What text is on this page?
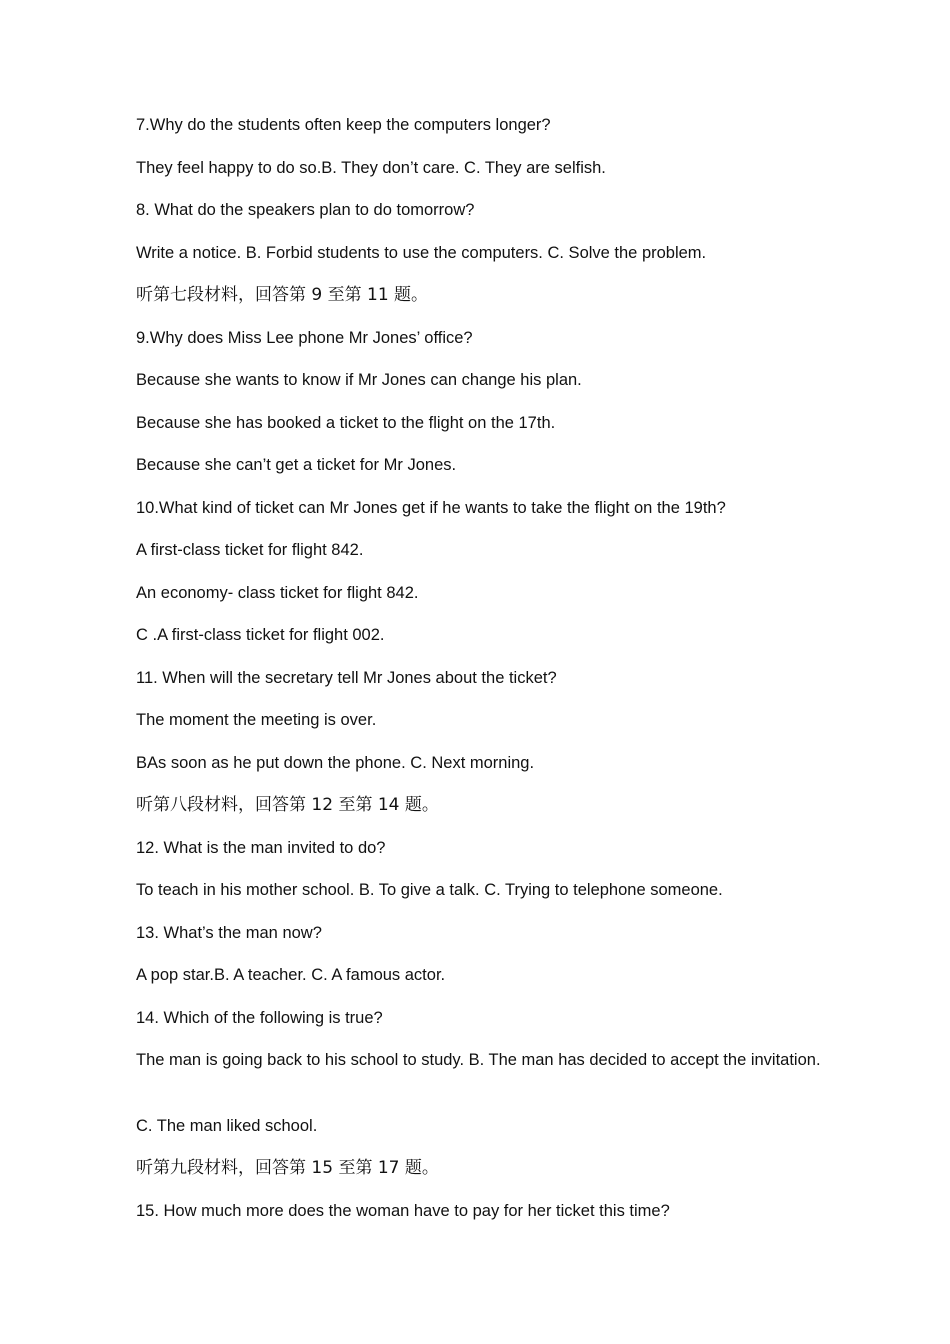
7.Why do the students often keep the computers longer?

They feel happy to do so.B. They don’t care. C. They are selfish.

8. What do the speakers plan to do tomorrow?

Write a notice. B. Forbid students to use the computers. C. Solve the problem.

听第七段材料，回答第 9 至第 11 题。

9.Why does Miss Lee phone Mr Jones’ office?

Because she wants to know if Mr Jones can change his plan.

Because she has booked a ticket to the flight on the 17th.

Because she can’t get a ticket for Mr Jones.

10.What kind of ticket can Mr Jones get if he wants to take the flight on the 19th?

A first-class ticket for flight 842.

An economy- class ticket for flight 842.

C .A first-class ticket for flight 002.

11. When will the secretary tell Mr Jones about the ticket?

The moment the meeting is over.

BAs soon as he put down the phone. C. Next morning.

听第八段材料，回答第 12 至第 14 题。

12. What is the man invited to do?

To teach in his mother school. B. To give a talk. C. Trying to telephone someone.

13. What’s the man now?

A pop star.B. A teacher. C. A famous actor.

14. Which of the following is true?

The man is going back to his school to study. B. The man has decided to accept the invitation.

C. The man liked school.

听第九段材料，回答第 15 至第 17 题。

15. How much more does the woman have to pay for her ticket this time?
